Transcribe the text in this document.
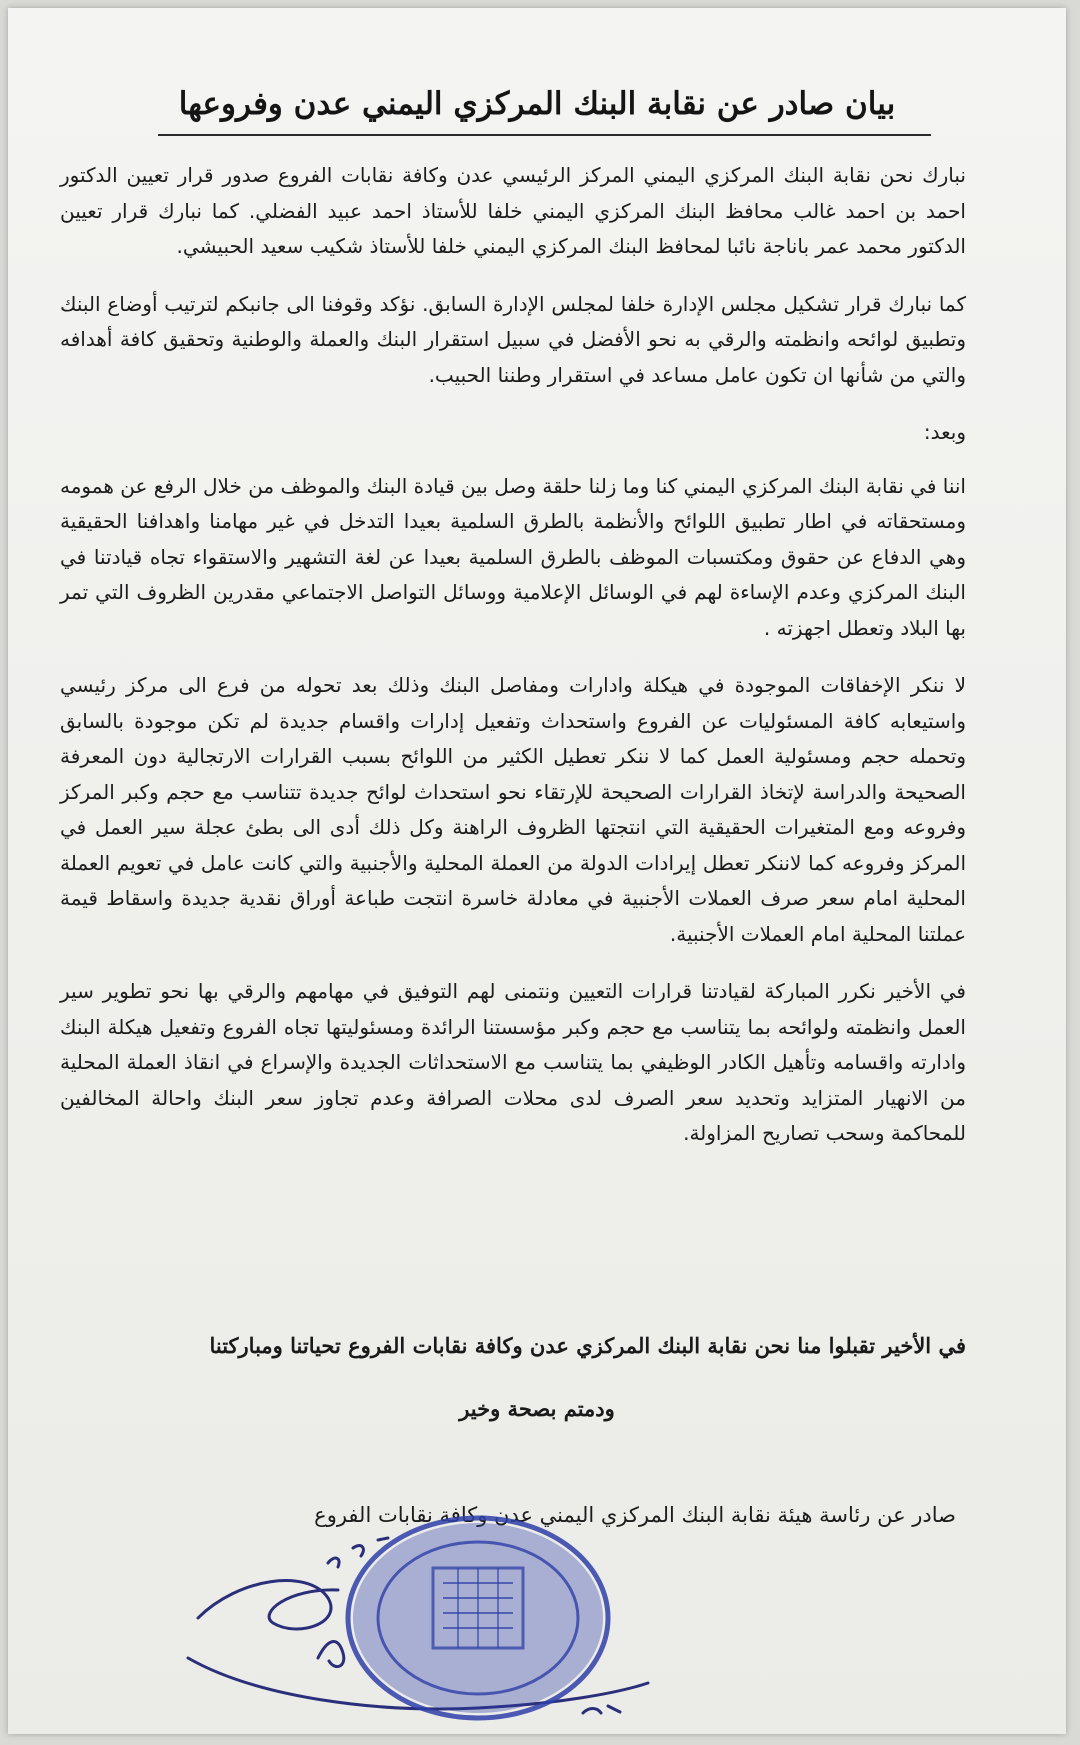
بيان صادر عن نقابة البنك المركزي اليمني عدن وفروعها

نبارك نحن نقابة البنك المركزي اليمني المركز الرئيسي عدن وكافة نقابات الفروع صدور قرار تعيين الدكتور احمد بن احمد غالب محافظ البنك المركزي اليمني خلفا للأستاذ احمد عبيد الفضلي. كما نبارك قرار تعيين الدكتور محمد عمر باناجة نائبا لمحافظ البنك المركزي اليمني خلفا للأستاذ شكيب سعيد الحبيشي.

كما نبارك قرار تشكيل مجلس الإدارة خلفا لمجلس الإدارة السابق. نؤكد وقوفنا الى جانبكم لترتيب أوضاع البنك وتطبيق لوائحه وانظمته والرقي به نحو الأفضل في سبيل استقرار البنك والعملة والوطنية وتحقيق كافة أهدافه والتي من شأنها ان تكون عامل مساعد في استقرار وطننا الحبيب.

وبعد:

اننا في نقابة البنك المركزي اليمني كنا وما زلنا حلقة وصل بين قيادة البنك والموظف من خلال الرفع عن همومه ومستحقاته في اطار تطبيق اللوائح والأنظمة بالطرق السلمية بعيدا التدخل في غير مهامنا واهدافنا الحقيقية وهي الدفاع عن حقوق ومكتسبات الموظف بالطرق السلمية بعيدا عن لغة التشهير والاستقواء تجاه قيادتنا في البنك المركزي وعدم الإساءة لهم في الوسائل الإعلامية ووسائل التواصل الاجتماعي مقدرين الظروف التي تمر بها البلاد وتعطل اجهزته .

لا ننكر الإخفاقات الموجودة في هيكلة وادارات ومفاصل البنك وذلك بعد تحوله من فرع الى مركز رئيسي واستيعابه كافة المسئوليات عن الفروع واستحداث وتفعيل إدارات واقسام جديدة لم تكن موجودة بالسابق وتحمله حجم ومسئولية العمل كما لا ننكر تعطيل الكثير من اللوائح بسبب القرارات الارتجالية دون المعرفة الصحيحة والدراسة لإتخاذ القرارات الصحيحة للإرتقاء نحو استحداث لوائح جديدة تتناسب مع حجم وكبر المركز وفروعه ومع المتغيرات الحقيقية التي انتجتها الظروف الراهنة وكل ذلك أدى الى بطئ عجلة سير العمل في المركز وفروعه كما لاننكر تعطل إيرادات الدولة من العملة المحلية والأجنبية والتي كانت عامل في تعويم العملة المحلية امام سعر صرف العملات الأجنبية في معادلة خاسرة انتجت طباعة أوراق نقدية جديدة واسقاط قيمة عملتنا المحلية امام العملات الأجنبية.

في الأخير نكرر المباركة لقيادتنا قرارات التعيين ونتمنى لهم التوفيق في مهامهم والرقي بها نحو تطوير سير العمل وانظمته ولوائحه بما يتناسب مع حجم وكبر مؤسستنا الرائدة ومسئوليتها تجاه الفروع وتفعيل هيكلة البنك وادارته واقسامه وتأهيل الكادر الوظيفي بما يتناسب مع الاستحداثات الجديدة والإسراع في انقاذ العملة المحلية من الانهيار المتزايد وتحديد سعر الصرف لدى محلات الصرافة وعدم تجاوز سعر البنك واحالة المخالفين للمحاكمة وسحب تصاريح المزاولة.

في الأخير تقبلوا منا نحن نقابة البنك المركزي عدن وكافة نقابات الفروع تحياتنا ومباركتنا
ودمتم بصحة وخير
صادر عن رئاسة هيئة نقابة البنك المركزي اليمني عدن وكافة نقابات الفروع
